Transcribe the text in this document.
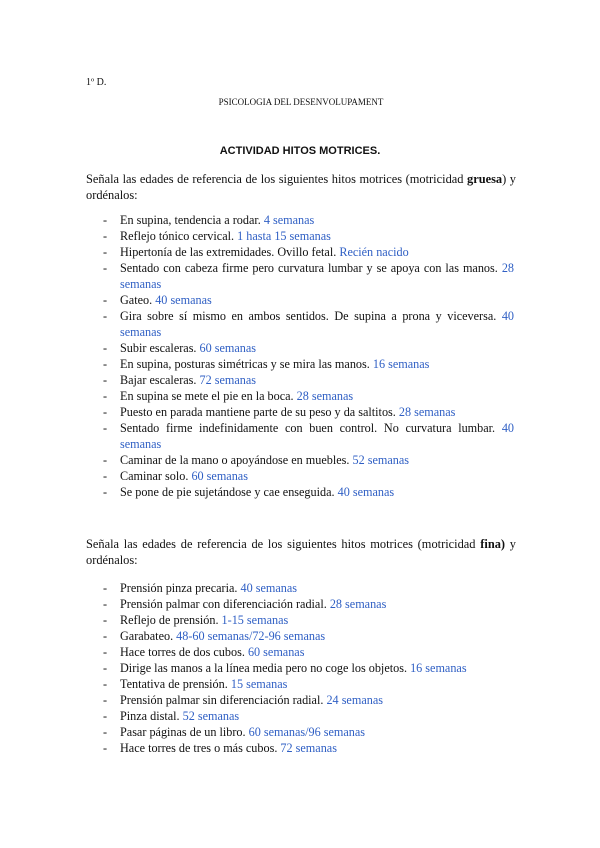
1º D.
PSICOLOGIA DEL DESENVOLUPAMENT
ACTIVIDAD HITOS MOTRICES.
Señala las edades de referencia de los siguientes hitos motrices (motricidad gruesa) y ordénalos:
- En supina, tendencia a rodar. 4 semanas
- Reflejo tónico cervical. 1 hasta 15 semanas
- Hipertonía de las extremidades. Ovillo fetal. Recién nacido
- Sentado con cabeza firme pero curvatura lumbar y se apoya con las manos. 28 semanas
- Gateo. 40 semanas
- Gira sobre sí mismo en ambos sentidos. De supina a prona y viceversa. 40 semanas
- Subir escaleras. 60 semanas
- En supina, posturas simétricas y se mira las manos. 16 semanas
- Bajar escaleras. 72 semanas
- En supina se mete el pie en la boca. 28 semanas
- Puesto en parada mantiene parte de su peso y da saltitos. 28 semanas
- Sentado firme indefinidamente con buen control. No curvatura lumbar. 40 semanas
- Caminar de la mano o apoyándose en muebles. 52 semanas
- Caminar solo. 60 semanas
- Se pone de pie sujetándose y cae enseguida. 40 semanas
Señala las edades de referencia de los siguientes hitos motrices (motricidad fina) y ordénalos:
- Prensión pinza precaria. 40 semanas
- Prensión palmar con diferenciación radial. 28 semanas
- Reflejo de prensión. 1-15 semanas
- Garabateo. 48-60 semanas/72-96 semanas
- Hace torres de dos cubos. 60 semanas
- Dirige las manos a la línea media pero no coge los objetos. 16 semanas
- Tentativa de prensión. 15 semanas
- Prensión palmar sin diferenciación radial. 24 semanas
- Pinza distal. 52 semanas
- Pasar páginas de un libro. 60 semanas/96 semanas
- Hace torres de tres o más cubos. 72 semanas
